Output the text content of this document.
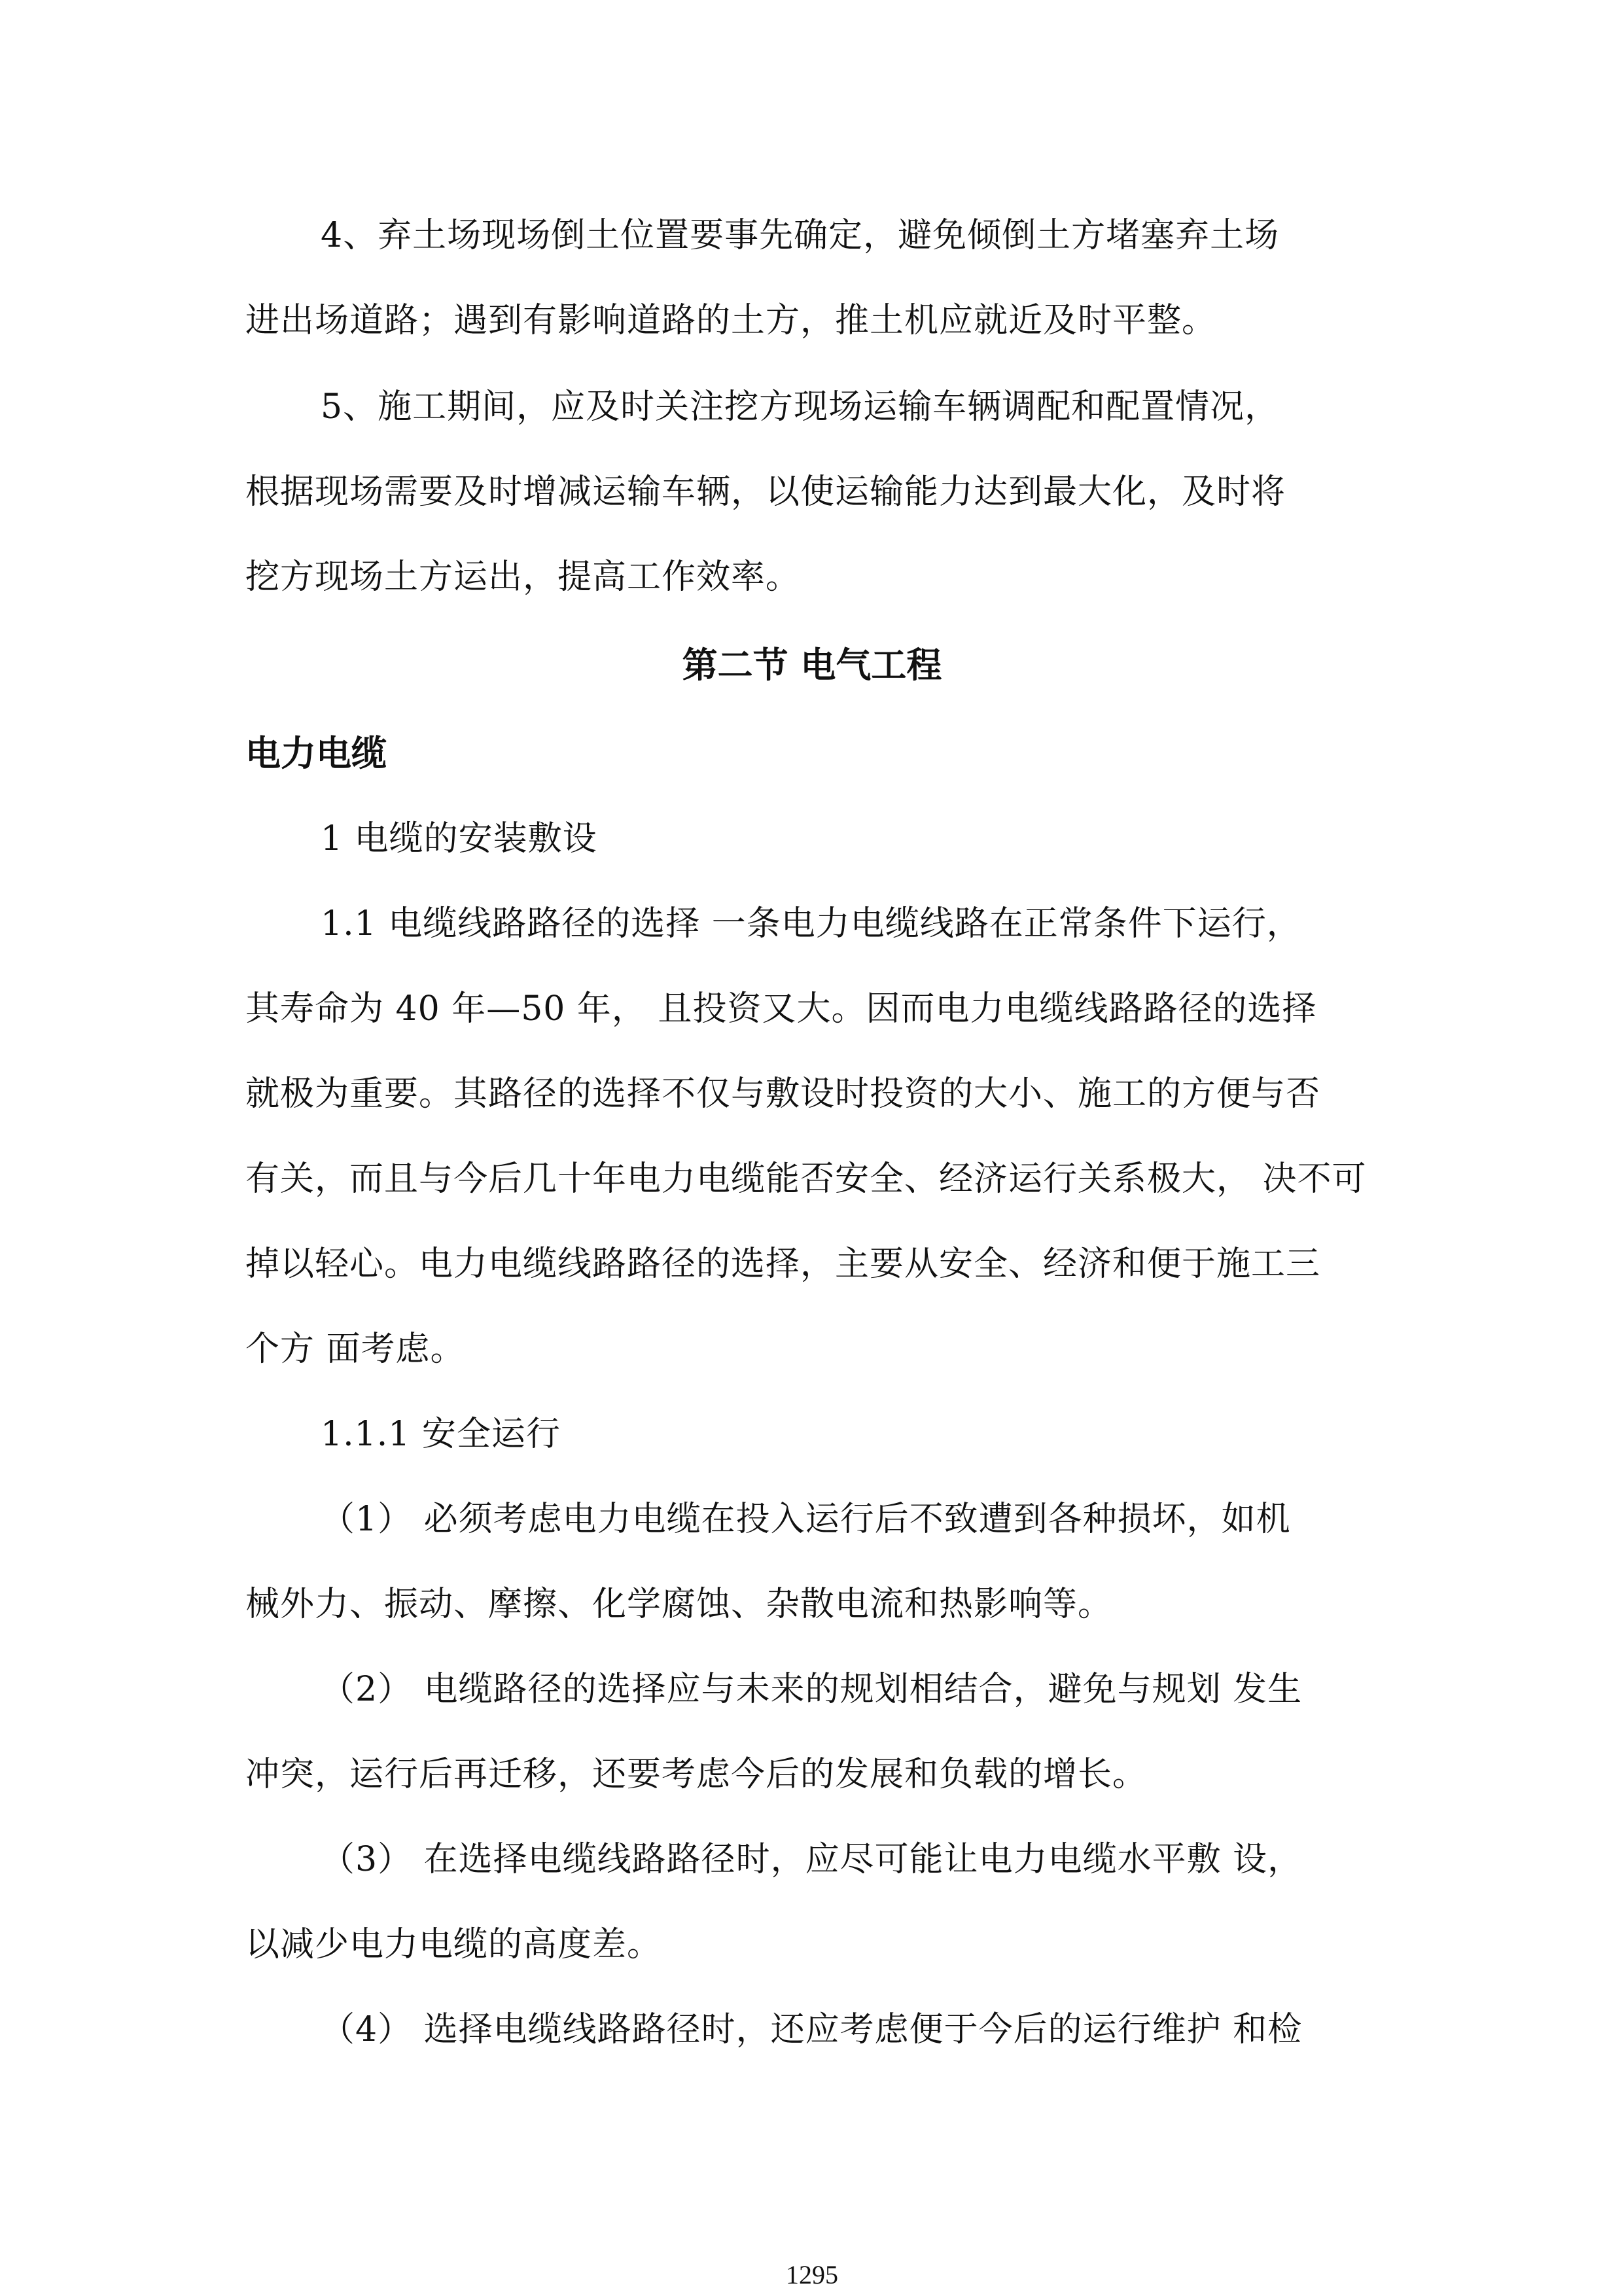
4、弃土场现场倒土位置要事先确定，避免倾倒土方堵塞弃土场
进出场道路；遇到有影响道路的土方，推土机应就近及时平整。
5、施工期间，应及时关注挖方现场运输车辆调配和配置情况，
根据现场需要及时增减运输车辆，以使运输能力达到最大化，及时将
挖方现场土方运出，提高工作效率。
第二节 电气工程
电力电缆
1 电缆的安装敷设
1.1 电缆线路路径的选择 一条电力电缆线路在正常条件下运行，
其寿命为 40 年—50 年， 且投资又大。因而电力电缆线路路径的选择
就极为重要。其路径的选择不仅与敷设时投资的大小、施工的方便与否
有关，而且与今后几十年电力电缆能否安全、经济运行关系极大， 决不可
掉以轻心。电力电缆线路路径的选择，主要从安全、经济和便于施工三
个方 面考虑。
1.1.1 安全运行
（1） 必须考虑电力电缆在投入运行后不致遭到各种损坏，如机
械外力、振动、摩擦、化学腐蚀、杂散电流和热影响等。
（2） 电缆路径的选择应与未来的规划相结合，避免与规划 发生
冲突，运行后再迁移，还要考虑今后的发展和负载的增长。
（3） 在选择电缆线路路径时，应尽可能让电力电缆水平敷 设，
以减少电力电缆的高度差。
（4） 选择电缆线路路径时，还应考虑便于今后的运行维护 和检
1295
